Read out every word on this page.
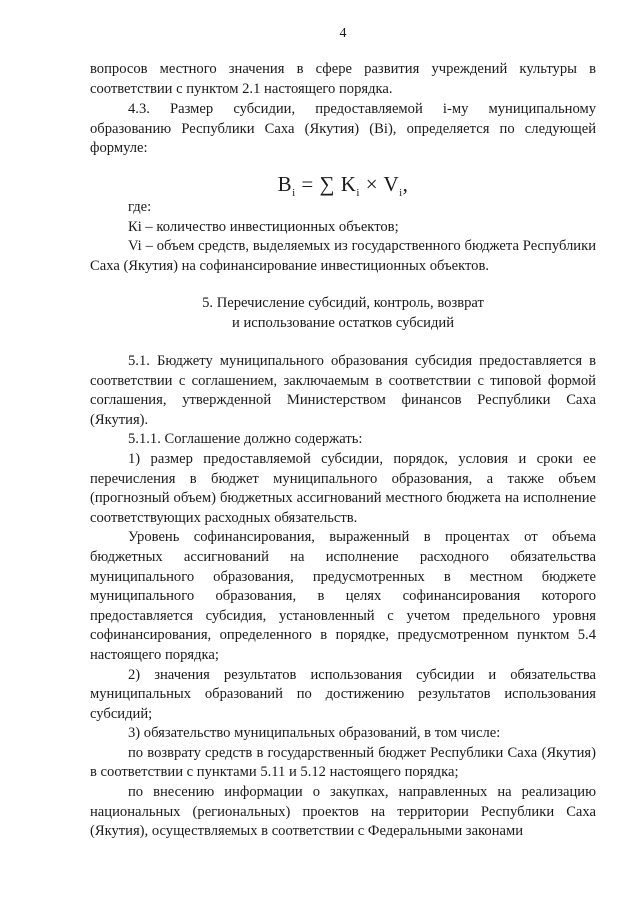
4

вопросов местного значения в сфере развития учреждений культуры в соответствии с пунктом 2.1 настоящего порядка.

4.3. Размер субсидии, предоставляемой i-му муниципальному образованию Республики Саха (Якутия) (Вi), определяется по следующей формуле:

$B_i$ = ∑ $K_i \times V_i$,

где:

Кi – количество инвестиционных объектов;

Vi – объем средств, выделяемых из государственного бюджета Республики Саха (Якутия) на софинансирование инвестиционных объектов.

5. Перечисление субсидий, контроль, возврат
и использование остатков субсидий

5.1. Бюджету муниципального образования субсидия предоставляется в соответствии с соглашением, заключаемым в соответствии с типовой формой соглашения, утвержденной Министерством финансов Республики Саха (Якутия).

5.1.1. Соглашение должно содержать:

1) размер предоставляемой субсидии, порядок, условия и сроки ее перечисления в бюджет муниципального образования, а также объем (прогнозный объем) бюджетных ассигнований местного бюджета на исполнение соответствующих расходных обязательств.

Уровень софинансирования, выраженный в процентах от объема бюджетных ассигнований на исполнение расходного обязательства муниципального образования, предусмотренных в местном бюджете муниципального образования, в целях софинансирования которого предоставляется субсидия, установленный с учетом предельного уровня софинансирования, определенного в порядке, предусмотренном пунктом 5.4 настоящего порядка;

2) значения результатов использования субсидии и обязательства муниципальных образований по достижению результатов использования субсидий;

3) обязательство муниципальных образований, в том числе:

по возврату средств в государственный бюджет Республики Саха (Якутия) в соответствии с пунктами 5.11 и 5.12 настоящего порядка;

по внесению информации о закупках, направленных на реализацию национальных (региональных) проектов на территории Республики Саха (Якутия), осуществляемых в соответствии с Федеральными законами
